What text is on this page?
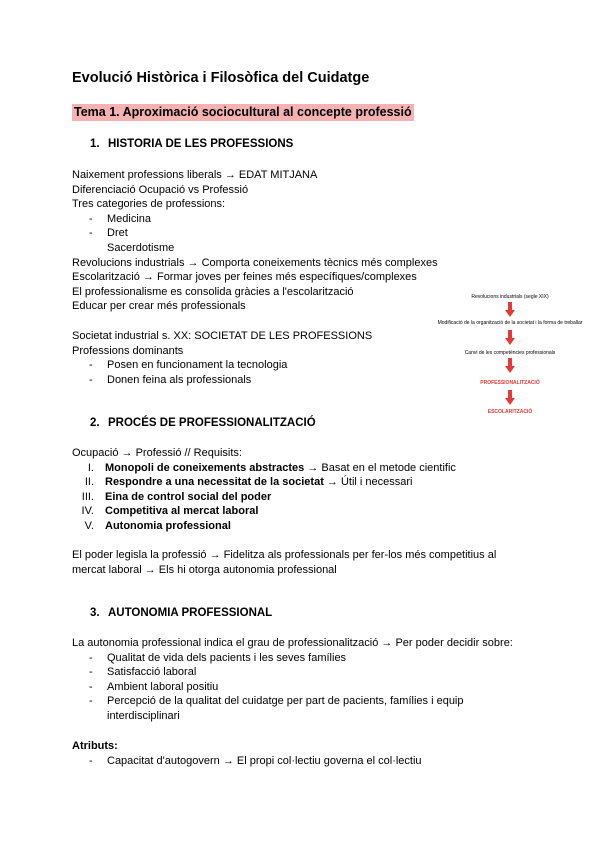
Evolució Històrica i Filosòfica del Cuidatge
Tema 1. Aproximació sociocultural al concepte professió
1. HISTORIA DE LES PROFESSIONS
Naixement professions liberals → EDAT MITJANA
Diferenciació Ocupació vs Professió
Tres categories de professions:
- Medicina
- Dret
Sacerdotisme
Revolucions industrials → Comporta coneixements tècnics més complexes
Escolarització → Formar joves per feines més específiques/complexes
El professionalisme es consolida gràcies a l'escolarització
Educar per crear més professionals
Societat industrial s. XX: SOCIETAT DE LES PROFESSIONS
Professions dominants
- Posen en funcionament la tecnologia
- Donen feina als professionals
Revolucions industrials (segle XIX)
Modificació de la organització de la societat i la forma de treballar
Canvi de les competències professionals
PROFESSIONALITZACIÓ
ESCOLARITZACIÓ
2. PROCÉS DE PROFESSIONALITZACIÓ
Ocupació → Professió // Requisits:
I. Monopoli de coneixements abstractes → Basat en el metode cientific
II. Respondre a una necessitat de la societat → Útil i necessari
III. Eina de control social del poder
IV. Competitiva al mercat laboral
V. Autonomia professional
El poder legisla la professió → Fidelitza als professionals per fer-los més competitius al
mercat laboral → Els hi otorga autonomia professional
3. AUTONOMIA PROFESSIONAL
La autonomia professional indica el grau de professionalització → Per poder decidir sobre:
- Qualitat de vida dels pacients i les seves famílies
- Satisfacció laboral
- Ambient laboral positiu
- Percepció de la qualitat del cuidatge per part de pacients, famílies i equip
interdisciplinari
Atributs:
- Capacitat d'autogovern → El propi col·lectiu governa el col·lectiu
